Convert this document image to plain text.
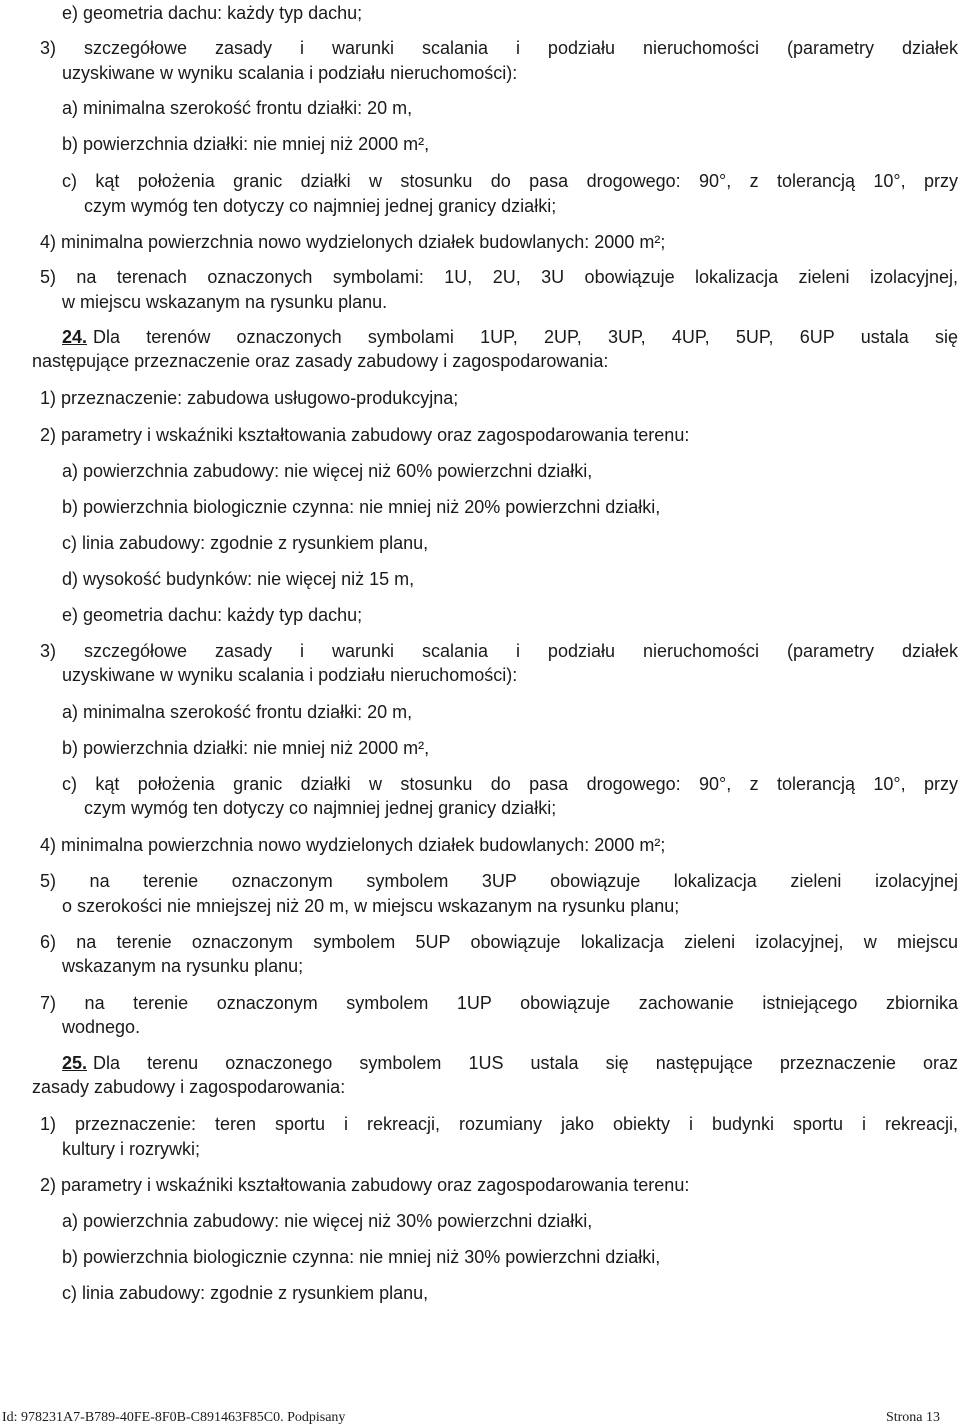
e) geometria dachu: każdy typ dachu;
3) szczegółowe zasady i warunki scalania i podziału nieruchomości (parametry działek
uzyskiwane w wyniku scalania i podziału nieruchomości):
a) minimalna szerokość frontu działki: 20 m,
b) powierzchnia działki: nie mniej niż 2000 m²,
c) kąt położenia granic działki w stosunku do pasa drogowego: 90°, z tolerancją 10°, przy
czym wymóg ten dotyczy co najmniej jednej granicy działki;
4) minimalna powierzchnia nowo wydzielonych działek budowlanych: 2000 m²;
5) na terenach oznaczonych symbolami: 1U, 2U, 3U obowiązuje lokalizacja zieleni izolacyjnej,
w miejscu wskazanym na rysunku planu.
24. Dla terenów oznaczonych symbolami 1UP, 2UP, 3UP, 4UP, 5UP, 6UP ustala się
następujące przeznaczenie oraz zasady zabudowy i zagospodarowania:
1) przeznaczenie: zabudowa usługowo-produkcyjna;
2) parametry i wskaźniki kształtowania zabudowy oraz zagospodarowania terenu:
a) powierzchnia zabudowy: nie więcej niż 60% powierzchni działki,
b) powierzchnia biologicznie czynna: nie mniej niż 20% powierzchni działki,
c) linia zabudowy: zgodnie z rysunkiem planu,
d) wysokość budynków: nie więcej niż 15 m,
e) geometria dachu: każdy typ dachu;
3) szczegółowe zasady i warunki scalania i podziału nieruchomości (parametry działek
uzyskiwane w wyniku scalania i podziału nieruchomości):
a) minimalna szerokość frontu działki: 20 m,
b) powierzchnia działki: nie mniej niż 2000 m²,
c) kąt położenia granic działki w stosunku do pasa drogowego: 90°, z tolerancją 10°, przy
czym wymóg ten dotyczy co najmniej jednej granicy działki;
4) minimalna powierzchnia nowo wydzielonych działek budowlanych: 2000 m²;
5) na terenie oznaczonym symbolem 3UP obowiązuje lokalizacja zieleni izolacyjnej
o szerokości nie mniejszej niż 20 m, w miejscu wskazanym na rysunku planu;
6) na terenie oznaczonym symbolem 5UP obowiązuje lokalizacja zieleni izolacyjnej, w miejscu
wskazanym na rysunku planu;
7) na terenie oznaczonym symbolem 1UP obowiązuje zachowanie istniejącego zbiornika
wodnego.
25. Dla terenu oznaczonego symbolem 1US ustala się następujące przeznaczenie oraz
zasady zabudowy i zagospodarowania:
1) przeznaczenie: teren sportu i rekreacji, rozumiany jako obiekty i budynki sportu i rekreacji,
kultury i rozrywki;
2) parametry i wskaźniki kształtowania zabudowy oraz zagospodarowania terenu:
a) powierzchnia zabudowy: nie więcej niż 30% powierzchni działki,
b) powierzchnia biologicznie czynna: nie mniej niż 30% powierzchni działki,
c) linia zabudowy: zgodnie z rysunkiem planu,
Id: 978231A7-B789-40FE-8F0B-C891463F85C0. Podpisany	Strona 13
